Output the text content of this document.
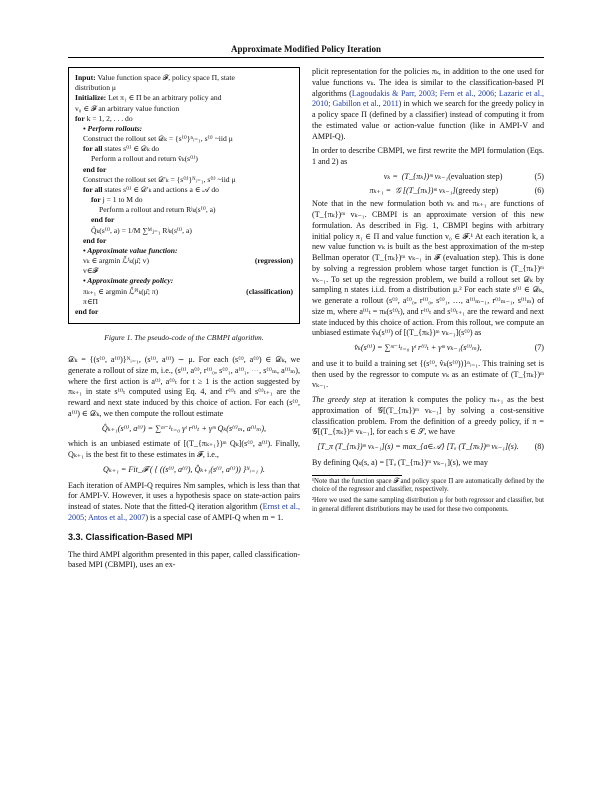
Approximate Modified Policy Iteration
Input: Value function space 𝓕, policy space Π, state
distribution μ
Initialize: Let π₁ ∈ Π be an arbitrary policy and
v₀ ∈ 𝓕 an arbitrary value function
for k = 1, 2, . . . do
• Perform rollouts:
Construct the rollout set 𝒟ₖ = {s⁽ⁱ⁾}ⁿᵢ₌₁, s⁽ⁱ⁾ ~iid μ
for all states s⁽ⁱ⁾ ∈ 𝒟ₖ do
Perform a rollout and return v̂ₖ(s⁽ⁱ⁾)
end for
Construct the rollout set 𝒟′ₖ = {s⁽ⁱ⁾}ᴺᵢ₌₁, s⁽ⁱ⁾ ~iid μ
for all states s⁽ⁱ⁾ ∈ 𝒟′ₖ and actions a ∈ 𝒜 do
for j = 1 to M do
Perform a rollout and return Rʲₖ(s⁽ⁱ⁾, a)
end for
Q̂ₖ(s⁽ⁱ⁾, a) = 1/M ∑ᴹⱼ₌₁ Rʲₖ(s⁽ⁱ⁾, a)
end for
• Approximate value function:
(regression)
vₖ ∈ argmin ℒ̂ᶠₖ(μ̂; v)
v∈𝓕
• Approximate greedy policy:
(classification)
πₖ₊₁ ∈ argmin ℒ̂ᴾᴵₖ(μ̂; π)
π∈Π
end for
Figure 1. The pseudo-code of the CBMPI algorithm.

𝒟ₖ = {(s⁽ⁱ⁾, a⁽ⁱ⁾)}ᴺᵢ₌₁, (s⁽ⁱ⁾, a⁽ⁱ⁾) ∼ μ. For each (s⁽ⁱ⁾, a⁽ⁱ⁾) ∈ 𝒟ₖ, we generate a rollout of size m, i.e., (s⁽ⁱ⁾, a⁽ⁱ⁾, r⁽ⁱ⁾₀, s⁽ⁱ⁾₁, a⁽ⁱ⁾₁, ⋯, s⁽ⁱ⁾ₘ, a⁽ⁱ⁾ₘ), where the first action is a⁽ⁱ⁾, a⁽ⁱ⁾ₜ for t ≥ 1 is the action suggested by πₖ₊₁ in state s⁽ⁱ⁾ₜ computed using Eq. 4, and r⁽ⁱ⁾ₜ and s⁽ⁱ⁾ₜ₊₁ are the reward and next state induced by this choice of action. For each (s⁽ⁱ⁾, a⁽ⁱ⁾) ∈ 𝒟ₖ, we then compute the rollout estimate

Q̂ₖ₊₁(s⁽ⁱ⁾, a⁽ⁱ⁾) = ∑ᵐ⁻¹ₜ₌₀ γᵗ r⁽ⁱ⁾ₜ + γᵐ Qₖ(s⁽ⁱ⁾ₘ, a⁽ⁱ⁾ₘ),

which is an unbiased estimate of [(T_{πₖ₊₁})ᵐ Qₖ](s⁽ⁱ⁾, a⁽ⁱ⁾). Finally, Qₖ₊₁ is the best fit to these estimates in 𝓕, i.e.,

Qₖ₊₁ = Fit_𝓕 ( { ((s⁽ⁱ⁾, a⁽ⁱ⁾), Q̂ₖ₊₁(s⁽ⁱ⁾, a⁽ⁱ⁾)) }ᴺᵢ₌₁ ).

Each iteration of AMPI-Q requires Nm samples, which is less than that for AMPI-V. However, it uses a hypothesis space on state-action pairs instead of states. Note that the fitted-Q iteration algorithm (Ernst et al., 2005; Antos et al., 2007) is a special case of AMPI-Q when m = 1.

3.3. Classification-Based MPI

The third AMPI algorithm presented in this paper, called classification-based MPI (CBMPI), uses an ex-

plicit representation for the policies πₖ, in addition to the one used for value functions vₖ. The idea is similar to the classification-based PI algorithms (Lagoudakis & Parr, 2003; Fern et al., 2006; Lazaric et al., 2010; Gabillon et al., 2011) in which we search for the greedy policy in a policy space Π (defined by a classifier) instead of computing it from the estimated value or action-value function (like in AMPI-V and AMPI-Q).

In order to describe CBMPI, we first rewrite the MPI formulation (Eqs. 1 and 2) as

vₖ = (T_{πₖ})ᵐ vₖ₋₁ (evaluation step)	(5)
πₖ₊₁ = 𝒢 [(T_{πₖ})ᵐ vₖ₋₁] (greedy step)	(6)

Note that in the new formulation both vₖ and πₖ₊₁ are functions of (T_{πₖ})ᵐ vₖ₋₁. CBMPI is an approximate version of this new formulation. As described in Fig. 1, CBMPI begins with arbitrary initial policy π₁ ∈ Π and value function v₀ ∈ 𝓕.¹ At each iteration k, a new value function vₖ is built as the best approximation of the m-step Bellman operator (T_{πₖ})ᵐ vₖ₋₁ in 𝓕 (evaluation step). This is done by solving a regression problem whose target function is (T_{πₖ})ᵐ vₖ₋₁. To set up the regression problem, we build a rollout set 𝒟ₖ by sampling n states i.i.d. from a distribution μ.² For each state s⁽ⁱ⁾ ∈ 𝒟ₖ, we generate a rollout (s⁽ⁱ⁾, a⁽ⁱ⁾₀, r⁽ⁱ⁾₀, s⁽ⁱ⁾₁, …, a⁽ⁱ⁾ₘ₋₁, r⁽ⁱ⁾ₘ₋₁, s⁽ⁱ⁾ₘ) of size m, where a⁽ⁱ⁾ₜ = πₖ(s⁽ⁱ⁾ₜ), and r⁽ⁱ⁾ₜ and s⁽ⁱ⁾ₜ₊₁ are the reward and next state induced by this choice of action. From this rollout, we compute an unbiased estimate v̂ₖ(s⁽ⁱ⁾) of [(T_{πₖ})ᵐ vₖ₋₁](s⁽ⁱ⁾) as

v̂ₖ(s⁽ⁱ⁾) = ∑ᵐ⁻¹ₜ₌₀ γᵗ r⁽ⁱ⁾ₜ + γᵐ vₖ₋₁(s⁽ⁱ⁾ₘ),	(7)

and use it to build a training set {(s⁽ⁱ⁾, v̂ₖ(s⁽ⁱ⁾))}ⁿᵢ₌₁. This training set is then used by the regressor to compute vₖ as an estimate of (T_{πₖ})ᵐ vₖ₋₁.

The greedy step at iteration k computes the policy πₖ₊₁ as the best approximation of 𝒢[(T_{πₖ})ᵐ vₖ₋₁] by solving a cost-sensitive classification problem. From the definition of a greedy policy, if π = 𝒢[(T_{πₖ})ᵐ vₖ₋₁], for each s ∈ 𝒮, we have

[T_π (T_{πₖ})ᵐ vₖ₋₁](s) = max_{a∈𝒜} [Tₐ (T_{πₖ})ᵐ vₖ₋₁](s).	(8)

By defining Qₖ(s, a) = [Tₐ (T_{πₖ})ᵐ vₖ₋₁](s), we may

¹Note that the function space 𝓕 and policy space Π are automatically defined by the choice of the regressor and classifier, respectively.
²Here we used the same sampling distribution μ for both regressor and classifier, but in general different distributions may be used for these two components.
